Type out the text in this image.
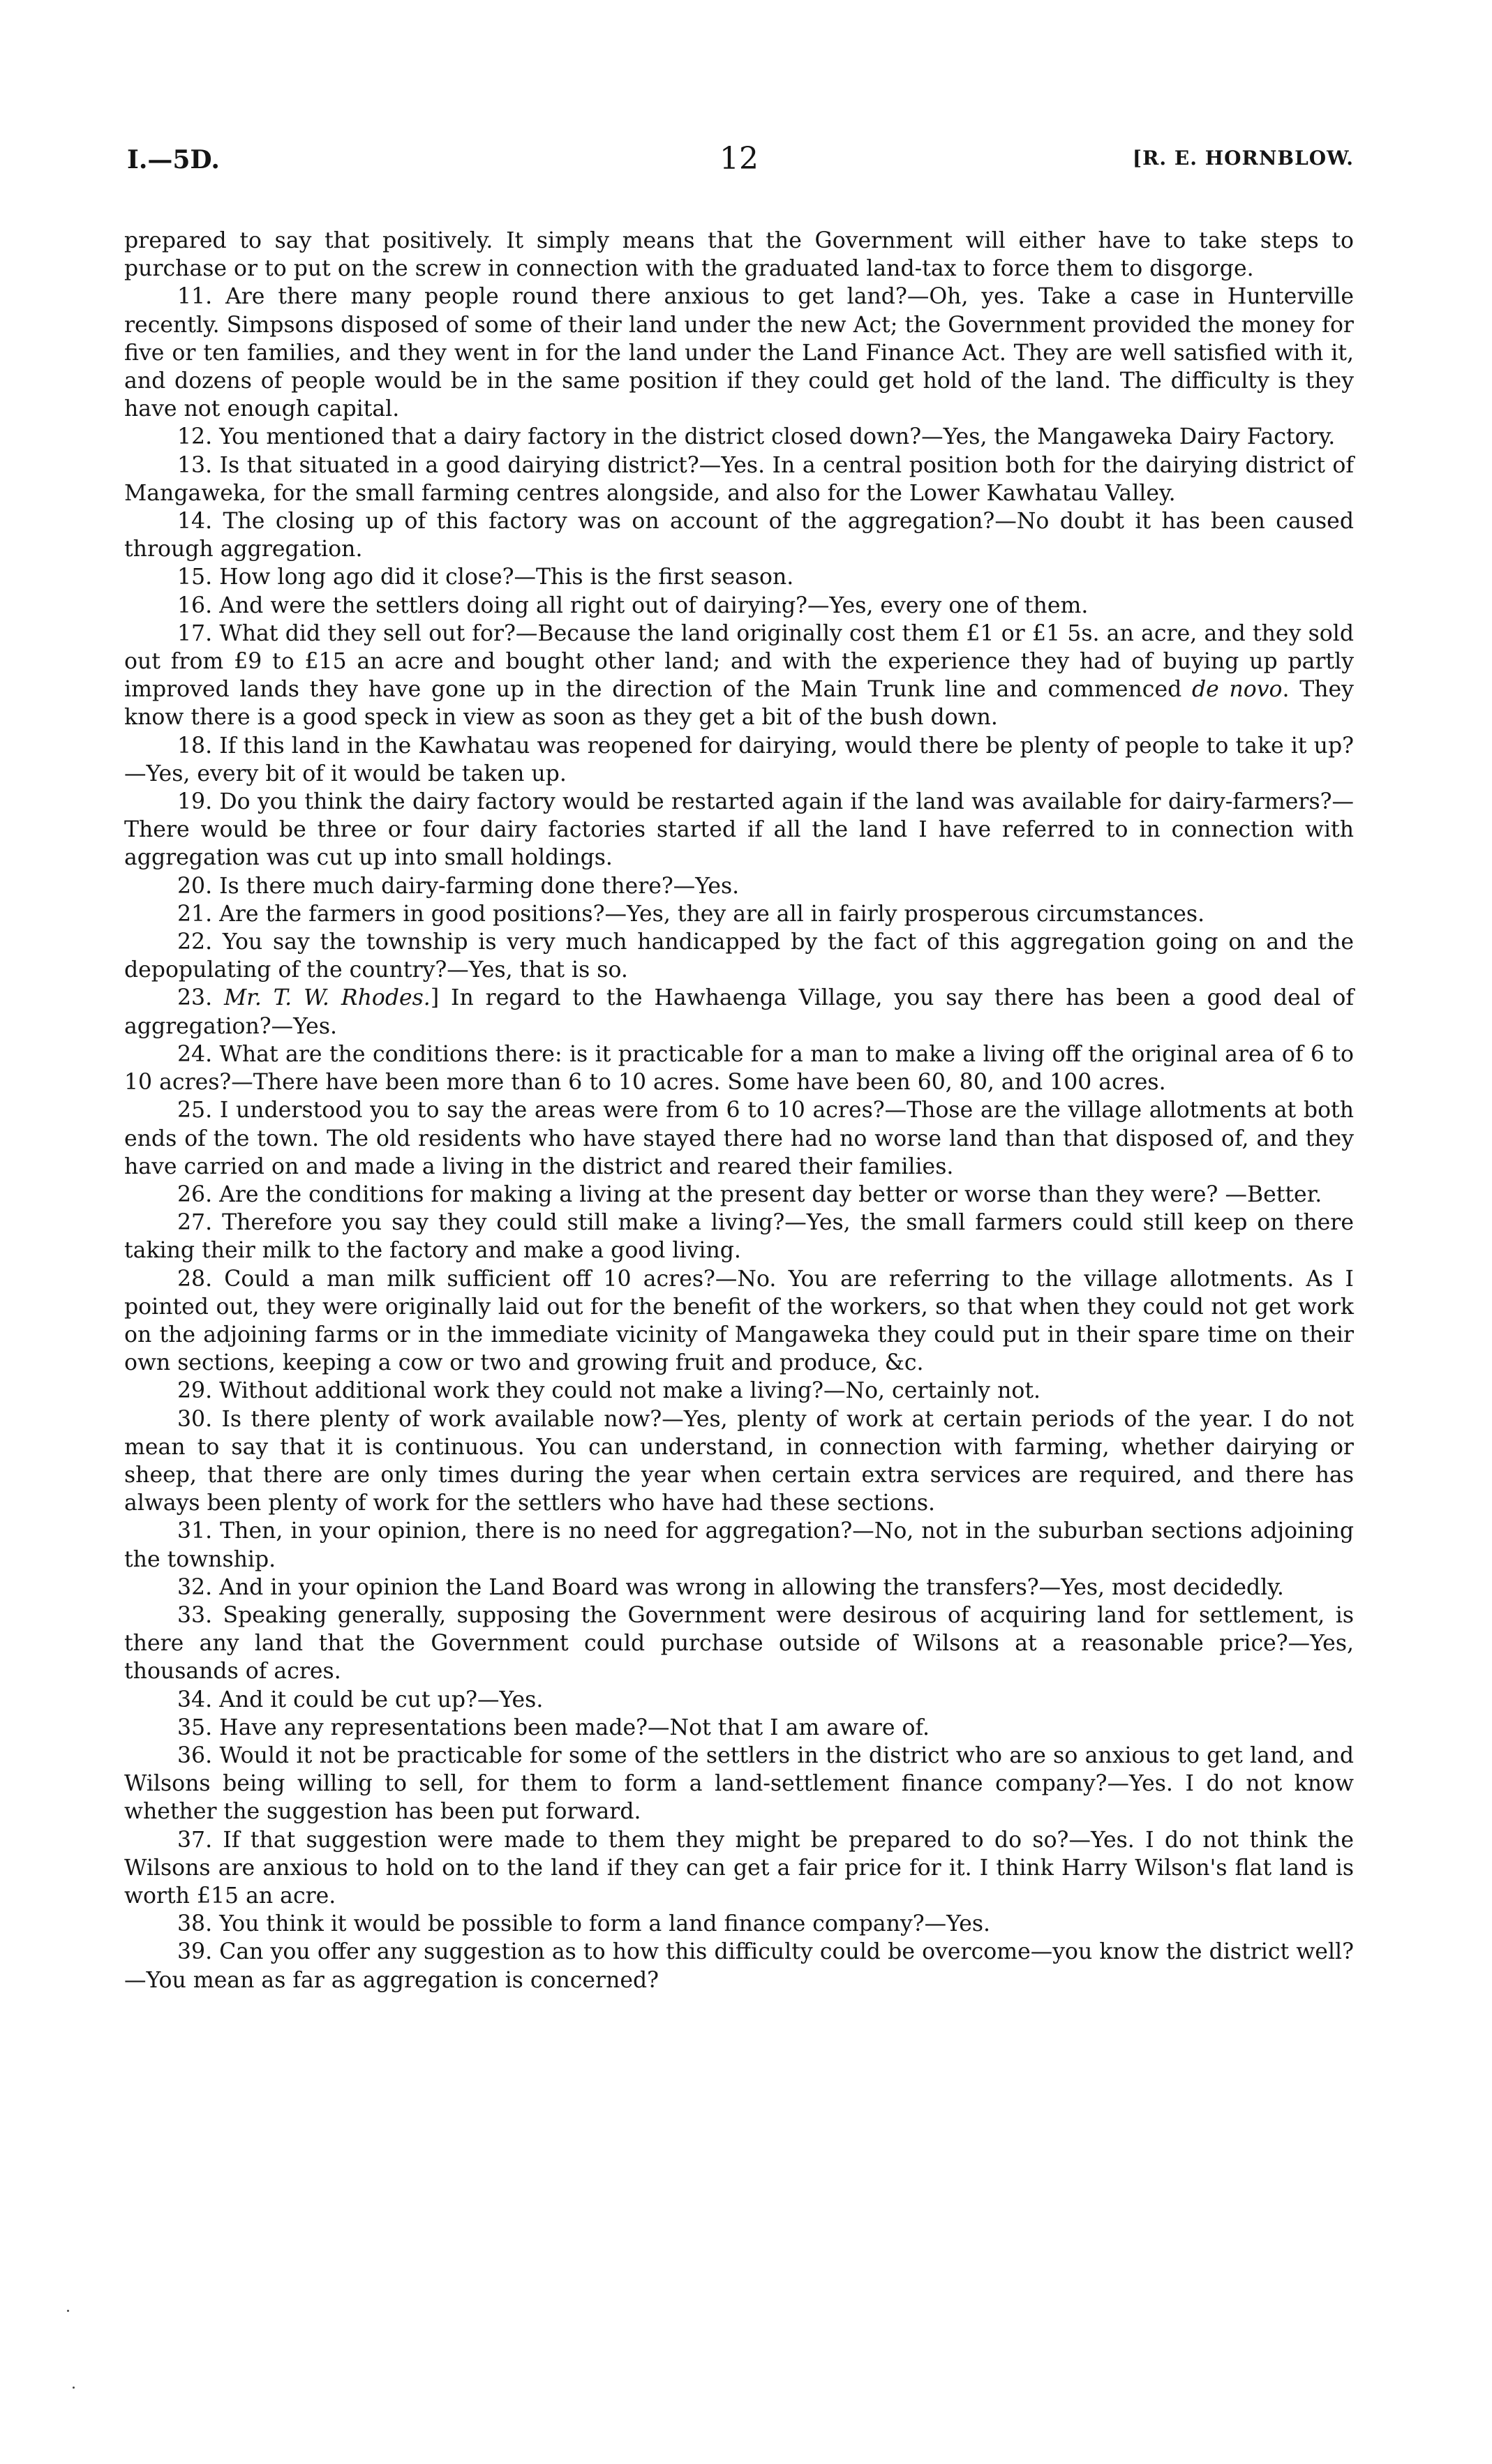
I.—5D.	12	[R. E. HORNBLOW.

prepared to say that positively. It simply means that the Government will either have to take steps to purchase or to put on the screw in connection with the graduated land-tax to force them to disgorge.

11. Are there many people round there anxious to get land?—Oh, yes. Take a case in Hunterville recently. Simpsons disposed of some of their land under the new Act; the Government provided the money for five or ten families, and they went in for the land under the Land Finance Act. They are well satisfied with it, and dozens of people would be in the same position if they could get hold of the land. The difficulty is they have not enough capital.

12. You mentioned that a dairy factory in the district closed down?—Yes, the Mangaweka Dairy Factory.

13. Is that situated in a good dairying district?—Yes. In a central position both for the dairying district of Mangaweka, for the small farming centres alongside, and also for the Lower Kawhatau Valley.

14. The closing up of this factory was on account of the aggregation?—No doubt it has been caused through aggregation.

15. How long ago did it close?—This is the first season.

16. And were the settlers doing all right out of dairying?—Yes, every one of them.

17. What did they sell out for?—Because the land originally cost them £1 or £1 5s. an acre, and they sold out from £9 to £15 an acre and bought other land; and with the experience they had of buying up partly improved lands they have gone up in the direction of the Main Trunk line and commenced de novo. They know there is a good speck in view as soon as they get a bit of the bush down.

18. If this land in the Kawhatau was reopened for dairying, would there be plenty of people to take it up?—Yes, every bit of it would be taken up.

19. Do you think the dairy factory would be restarted again if the land was available for dairy-farmers?—There would be three or four dairy factories started if all the land I have referred to in connection with aggregation was cut up into small holdings.

20. Is there much dairy-farming done there?—Yes.

21. Are the farmers in good positions?—Yes, they are all in fairly prosperous circumstances.

22. You say the township is very much handicapped by the fact of this aggregation going on and the depopulating of the country?—Yes, that is so.

23. Mr. T. W. Rhodes.] In regard to the Hawhaenga Village, you say there has been a good deal of aggregation?—Yes.

24. What are the conditions there: is it practicable for a man to make a living off the original area of 6 to 10 acres?—There have been more than 6 to 10 acres. Some have been 60, 80, and 100 acres.

25. I understood you to say the areas were from 6 to 10 acres?—Those are the village allotments at both ends of the town. The old residents who have stayed there had no worse land than that disposed of, and they have carried on and made a living in the district and reared their families.

26. Are the conditions for making a living at the present day better or worse than they were? —Better.

27. Therefore you say they could still make a living?—Yes, the small farmers could still keep on there taking their milk to the factory and make a good living.

28. Could a man milk sufficient off 10 acres?—No. You are referring to the village allotments. As I pointed out, they were originally laid out for the benefit of the workers, so that when they could not get work on the adjoining farms or in the immediate vicinity of Mangaweka they could put in their spare time on their own sections, keeping a cow or two and growing fruit and produce, &c.

29. Without additional work they could not make a living?—No, certainly not.

30. Is there plenty of work available now?—Yes, plenty of work at certain periods of the year. I do not mean to say that it is continuous. You can understand, in connection with farming, whether dairying or sheep, that there are only times during the year when certain extra services are required, and there has always been plenty of work for the settlers who have had these sections.

31. Then, in your opinion, there is no need for aggregation?—No, not in the suburban sections adjoining the township.

32. And in your opinion the Land Board was wrong in allowing the transfers?—Yes, most decidedly.

33. Speaking generally, supposing the Government were desirous of acquiring land for settlement, is there any land that the Government could purchase outside of Wilsons at a reasonable price?—Yes, thousands of acres.

34. And it could be cut up?—Yes.

35. Have any representations been made?—Not that I am aware of.

36. Would it not be practicable for some of the settlers in the district who are so anxious to get land, and Wilsons being willing to sell, for them to form a land-settlement finance company?—Yes. I do not know whether the suggestion has been put forward.

37. If that suggestion were made to them they might be prepared to do so?—Yes. I do not think the Wilsons are anxious to hold on to the land if they can get a fair price for it. I think Harry Wilson's flat land is worth £15 an acre.

38. You think it would be possible to form a land finance company?—Yes.

39. Can you offer any suggestion as to how this difficulty could be overcome—you know the district well?—You mean as far as aggregation is concerned?
